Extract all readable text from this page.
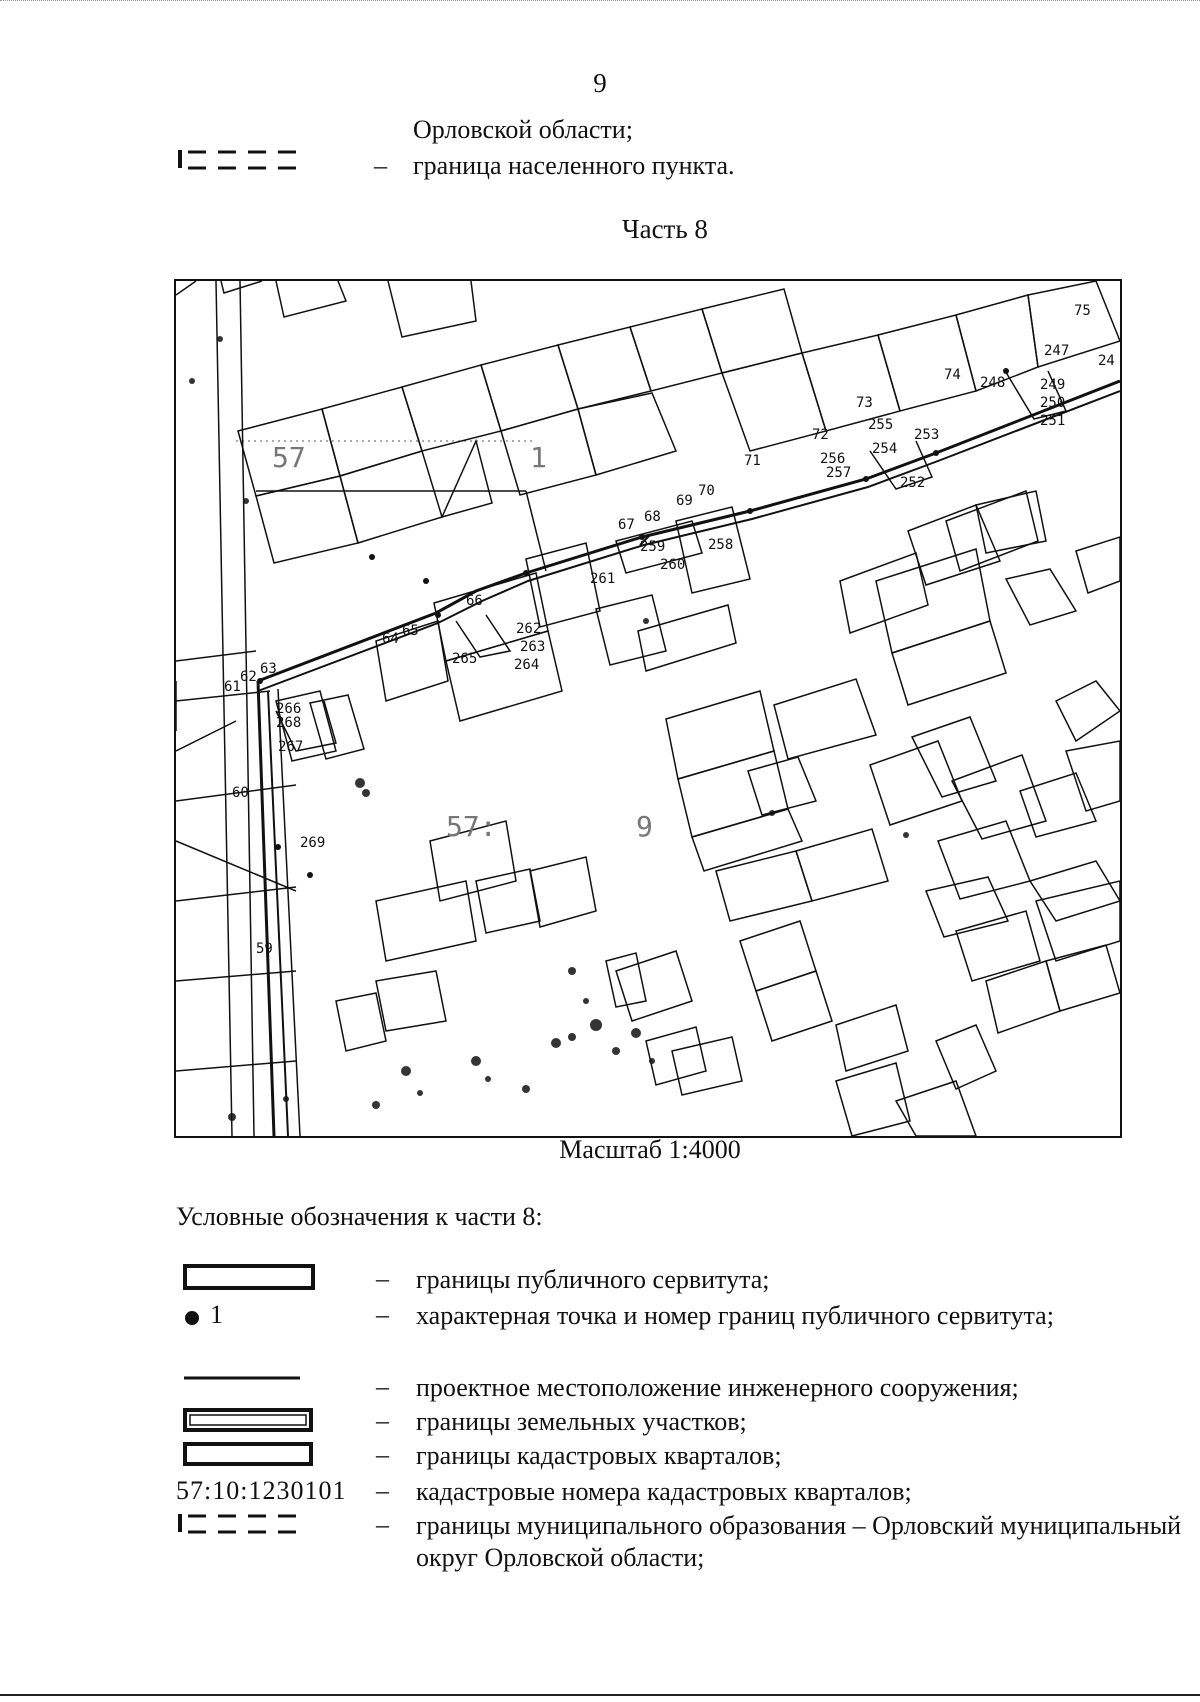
9
Орловской области;
– граница населенного пункта.
Часть 8
57	1
57:	9
75
247
24
74 248 249
250
251
73
72
255
253
254
256
257
252
71
70
69
67 68
259	258
260
261
66
262
263
264
64 65
265
63
62
61
266
268
267
60
269
59
Масштаб 1:4000
Условные обозначения к части 8:
– границы публичного сервитута;
1	– характерная точка и номер границ публичного сервитута;
– проектное местоположение инженерного сооружения;
– границы земельных участков;
– границы кадастровых кварталов;
57:10:1230101 – кадастровые номера кадастровых кварталов;
– границы муниципального образования – Орловский муниципальный округ Орловской области;
